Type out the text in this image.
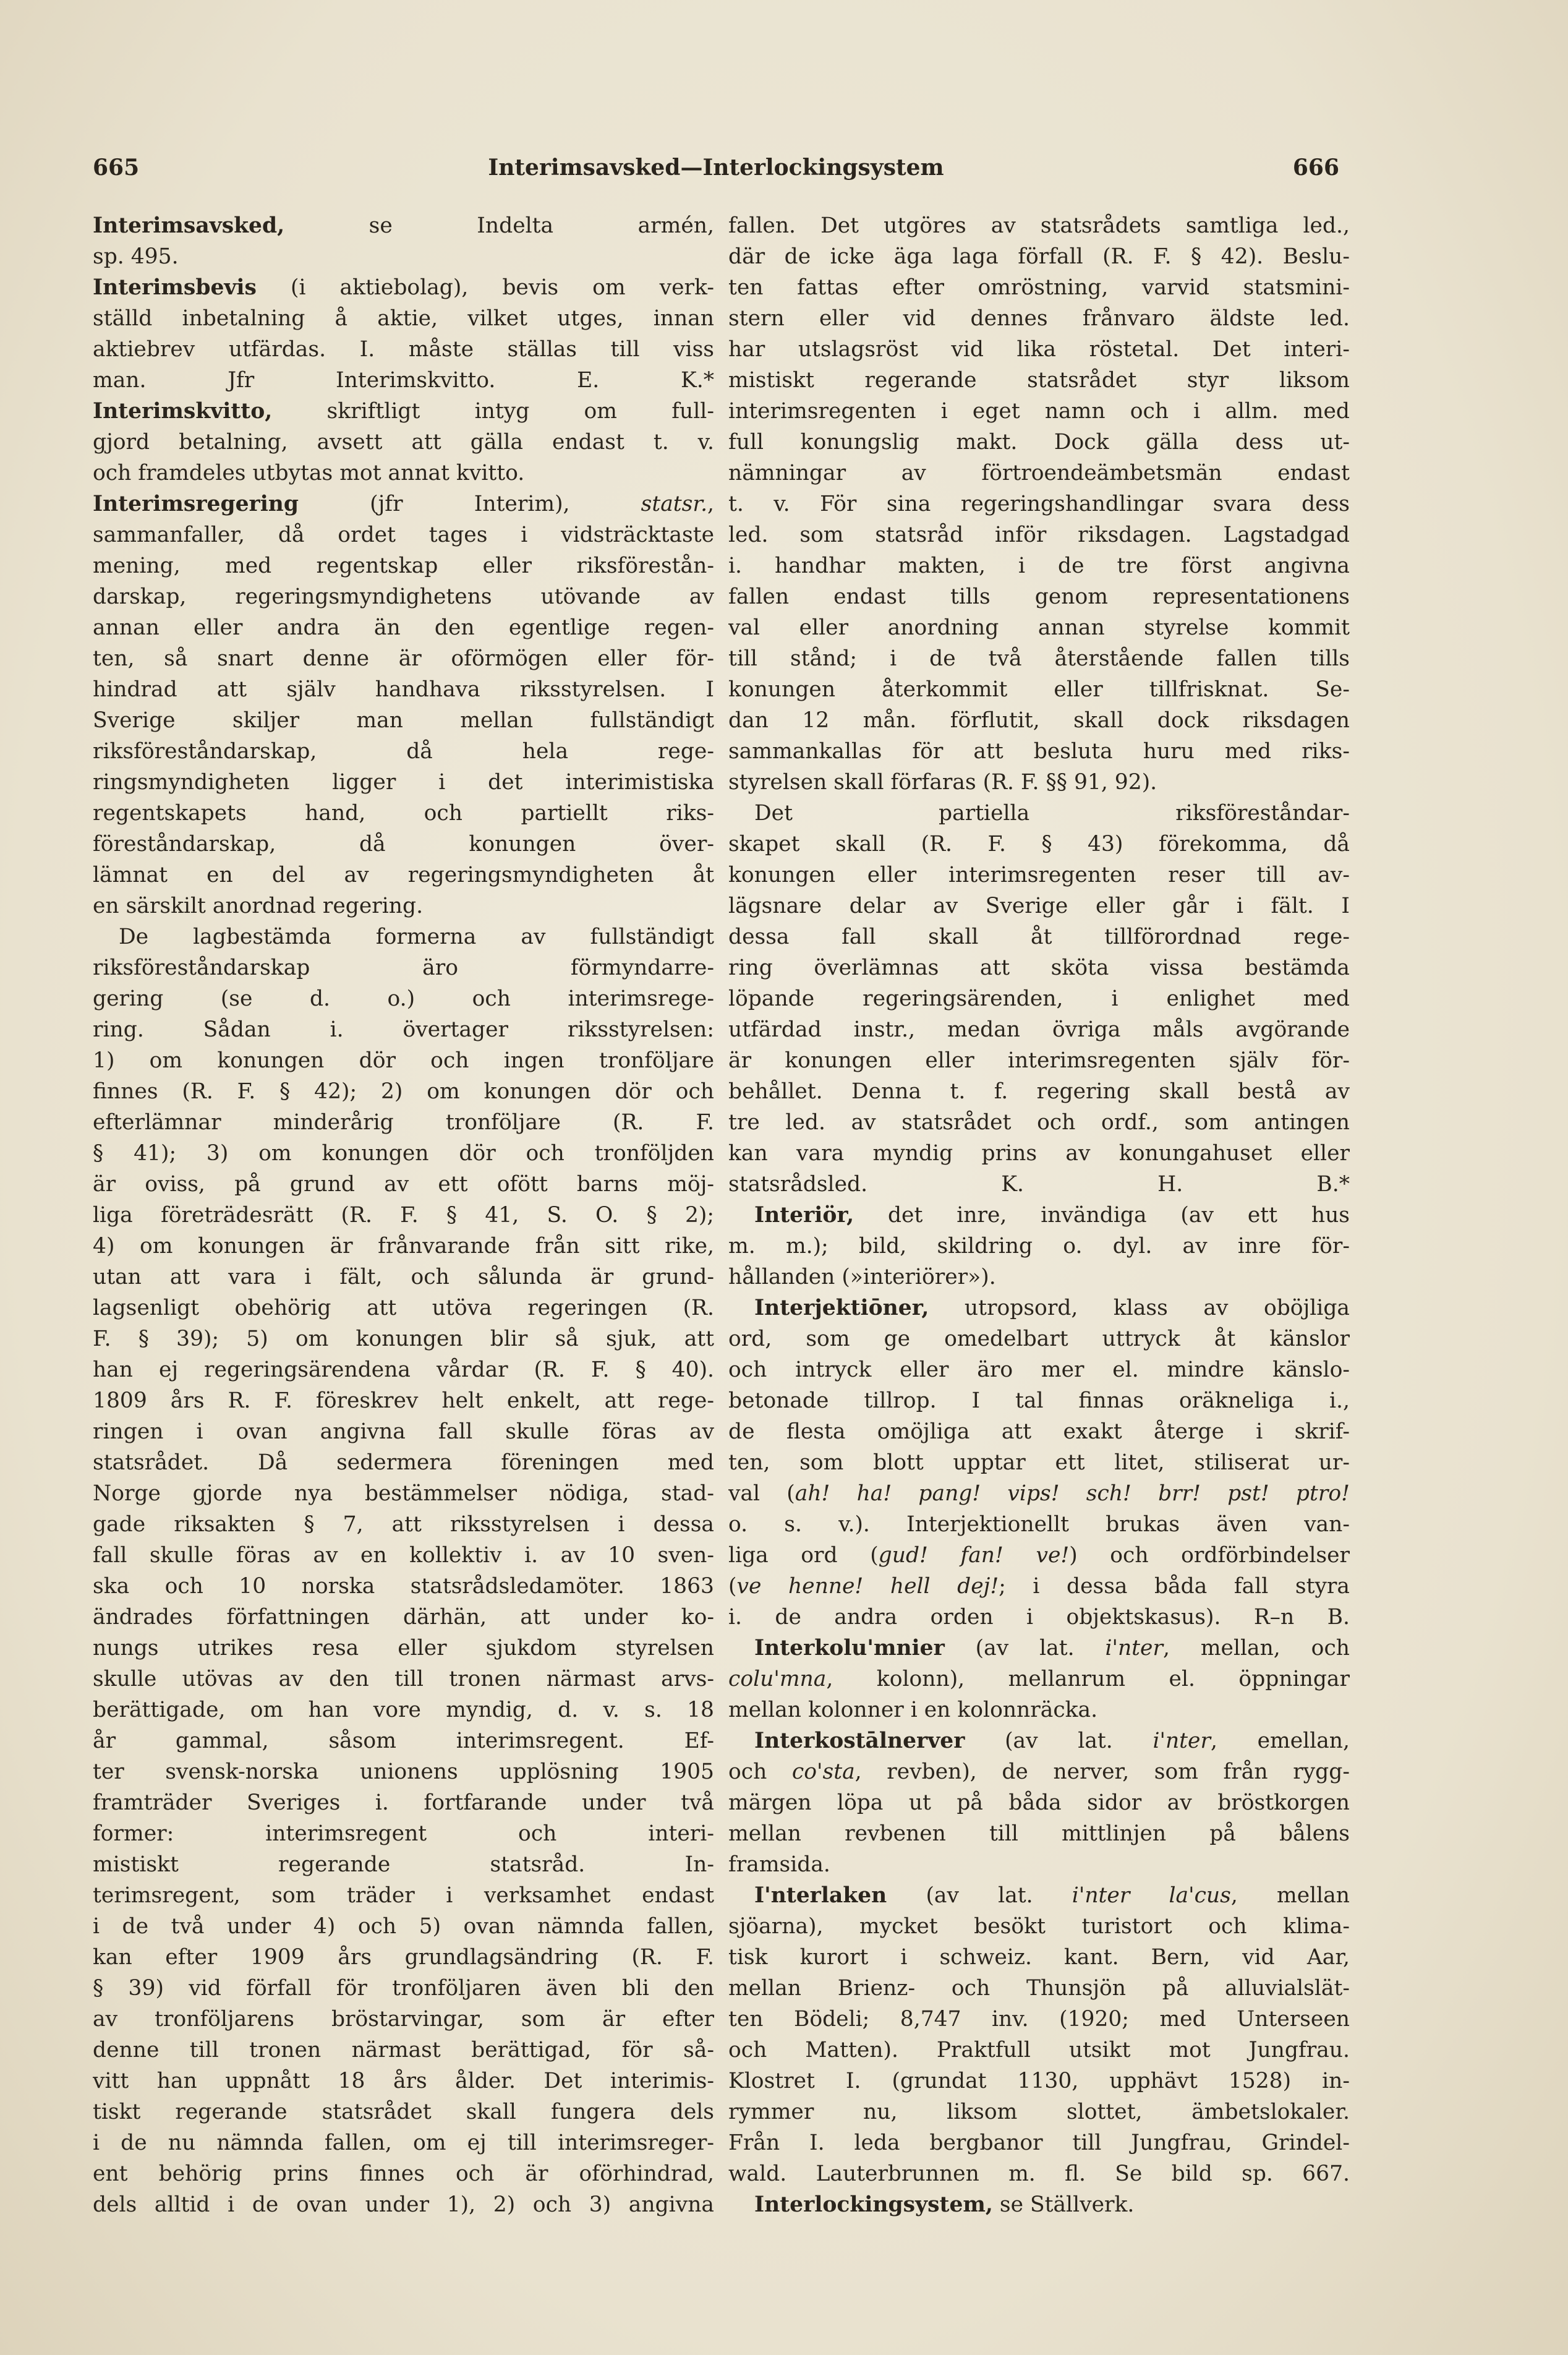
665	Interimsavsked—Interlockingsystem	666
Interimsavsked, se Indelta armén,
sp. 495.
Interimsbevis (i aktiebolag), bevis om verk-
ställd inbetalning å aktie, vilket utges, innan
aktiebrev utfärdas. I. måste ställas till viss
man. Jfr Interimskvitto. E. K.*
Interimskvitto, skriftligt intyg om full-
gjord betalning, avsett att gälla endast t. v.
och framdeles utbytas mot annat kvitto.
Interimsregering (jfr Interim), statsr.,
sammanfaller, då ordet tages i vidsträcktaste
mening, med regentskap eller riksförestån-
darskap, regeringsmyndighetens utövande av
annan eller andra än den egentlige regen-
ten, så snart denne är oförmögen eller för-
hindrad att själv handhava riksstyrelsen. I
Sverige skiljer man mellan fullständigt
riksföreståndarskap, då hela rege-
ringsmyndigheten ligger i det interimistiska
regentskapets hand, och partiellt riks-
föreståndarskap, då konungen över-
lämnat en del av regeringsmyndigheten åt
en särskilt anordnad regering.
De lagbestämda formerna av fullständigt
riksföreståndarskap äro förmyndarre-
gering (se d. o.) och interimsrege-
ring. Sådan i. övertager riksstyrelsen:
1) om konungen dör och ingen tronföljare
finnes (R. F. § 42); 2) om konungen dör och
efterlämnar minderårig tronföljare (R. F.
§ 41); 3) om konungen dör och tronföljden
är oviss, på grund av ett ofött barns möj-
liga företrädesrätt (R. F. § 41, S. O. § 2);
4) om konungen är frånvarande från sitt rike,
utan att vara i fält, och sålunda är grund-
lagsenligt obehörig att utöva regeringen (R.
F. § 39); 5) om konungen blir så sjuk, att
han ej regeringsärendena vårdar (R. F. § 40).
1809 års R. F. föreskrev helt enkelt, att rege-
ringen i ovan angivna fall skulle föras av
statsrådet. Då sedermera föreningen med
Norge gjorde nya bestämmelser nödiga, stad-
gade riksakten § 7, att riksstyrelsen i dessa
fall skulle föras av en kollektiv i. av 10 sven-
ska och 10 norska statsrådsledamöter. 1863
ändrades författningen därhän, att under ko-
nungs utrikes resa eller sjukdom styrelsen
skulle utövas av den till tronen närmast arvs-
berättigade, om han vore myndig, d. v. s. 18
år gammal, såsom interimsregent. Ef-
ter svensk-norska unionens upplösning 1905
framträder Sveriges i. fortfarande under två
former: interimsregent och interi-
mistiskt regerande statsråd. In-
terimsregent, som träder i verksamhet endast
i de två under 4) och 5) ovan nämnda fallen,
kan efter 1909 års grundlagsändring (R. F.
§ 39) vid förfall för tronföljaren även bli den
av tronföljarens bröstarvingar, som är efter
denne till tronen närmast berättigad, för så-
vitt han uppnått 18 års ålder. Det interimis-
tiskt regerande statsrådet skall fungera dels
i de nu nämnda fallen, om ej till interimsreger-
ent behörig prins finnes och är oförhindrad,
dels alltid i de ovan under 1), 2) och 3) angivna
fallen. Det utgöres av statsrådets samtliga led.,
där de icke äga laga förfall (R. F. § 42). Beslu-
ten fattas efter omröstning, varvid statsmini-
stern eller vid dennes frånvaro äldste led.
har utslagsröst vid lika röstetal. Det interi-
mistiskt regerande statsrådet styr liksom
interimsregenten i eget namn och i allm. med
full konungslig makt. Dock gälla dess ut-
nämningar av förtroendeämbetsmän endast
t. v. För sina regeringshandlingar svara dess
led. som statsråd inför riksdagen. Lagstadgad
i. handhar makten, i de tre först angivna
fallen endast tills genom representationens
val eller anordning annan styrelse kommit
till stånd; i de två återstående fallen tills
konungen återkommit eller tillfrisknat. Se-
dan 12 mån. förflutit, skall dock riksdagen
sammankallas för att besluta huru med riks-
styrelsen skall förfaras (R. F. §§ 91, 92).
Det partiella riksföreståndar-
skapet skall (R. F. § 43) förekomma, då
konungen eller interimsregenten reser till av-
lägsnare delar av Sverige eller går i fält. I
dessa fall skall åt tillförordnad rege-
ring överlämnas att sköta vissa bestämda
löpande regeringsärenden, i enlighet med
utfärdad instr., medan övriga måls avgörande
är konungen eller interimsregenten själv för-
behållet. Denna t. f. regering skall bestå av
tre led. av statsrådet och ordf., som antingen
kan vara myndig prins av konungahuset eller
statsrådsled. K. H. B.*
Interiör, det inre, invändiga (av ett hus
m. m.); bild, skildring o. dyl. av inre för-
hållanden (»interiörer»).
Interjektiōner, utropsord, klass av oböjliga
ord, som ge omedelbart uttryck åt känslor
och intryck eller äro mer el. mindre känslo-
betonade tillrop. I tal finnas oräkneliga i.,
de flesta omöjliga att exakt återge i skrif-
ten, som blott upptar ett litet, stiliserat ur-
val (ah! ha! pang! vips! sch! brr! pst! ptro!
o. s. v.). Interjektionellt brukas även van-
liga ord (gud! fan! ve!) och ordförbindelser
(ve henne! hell dej!; i dessa båda fall styra
i. de andra orden i objektskasus). R–n B.
Interkolu'mnier (av lat. i'nter, mellan, och
colu'mna, kolonn), mellanrum el. öppningar
mellan kolonner i en kolonnräcka.
Interkostālnerver (av lat. i'nter, emellan,
och co'sta, revben), de nerver, som från rygg-
märgen löpa ut på båda sidor av bröstkorgen
mellan revbenen till mittlinjen på bålens
framsida.
I'nterlaken (av lat. i'nter la'cus, mellan
sjöarna), mycket besökt turistort och klima-
tisk kurort i schweiz. kant. Bern, vid Aar,
mellan Brienz- och Thunsjön på alluvialslät-
ten Bödeli; 8,747 inv. (1920; med Unterseen
och Matten). Praktfull utsikt mot Jungfrau.
Klostret I. (grundat 1130, upphävt 1528) in-
rymmer nu, liksom slottet, ämbetslokaler.
Från I. leda bergbanor till Jungfrau, Grindel-
wald. Lauterbrunnen m. fl. Se bild sp. 667.
Interlockingsystem, se Ställverk.
